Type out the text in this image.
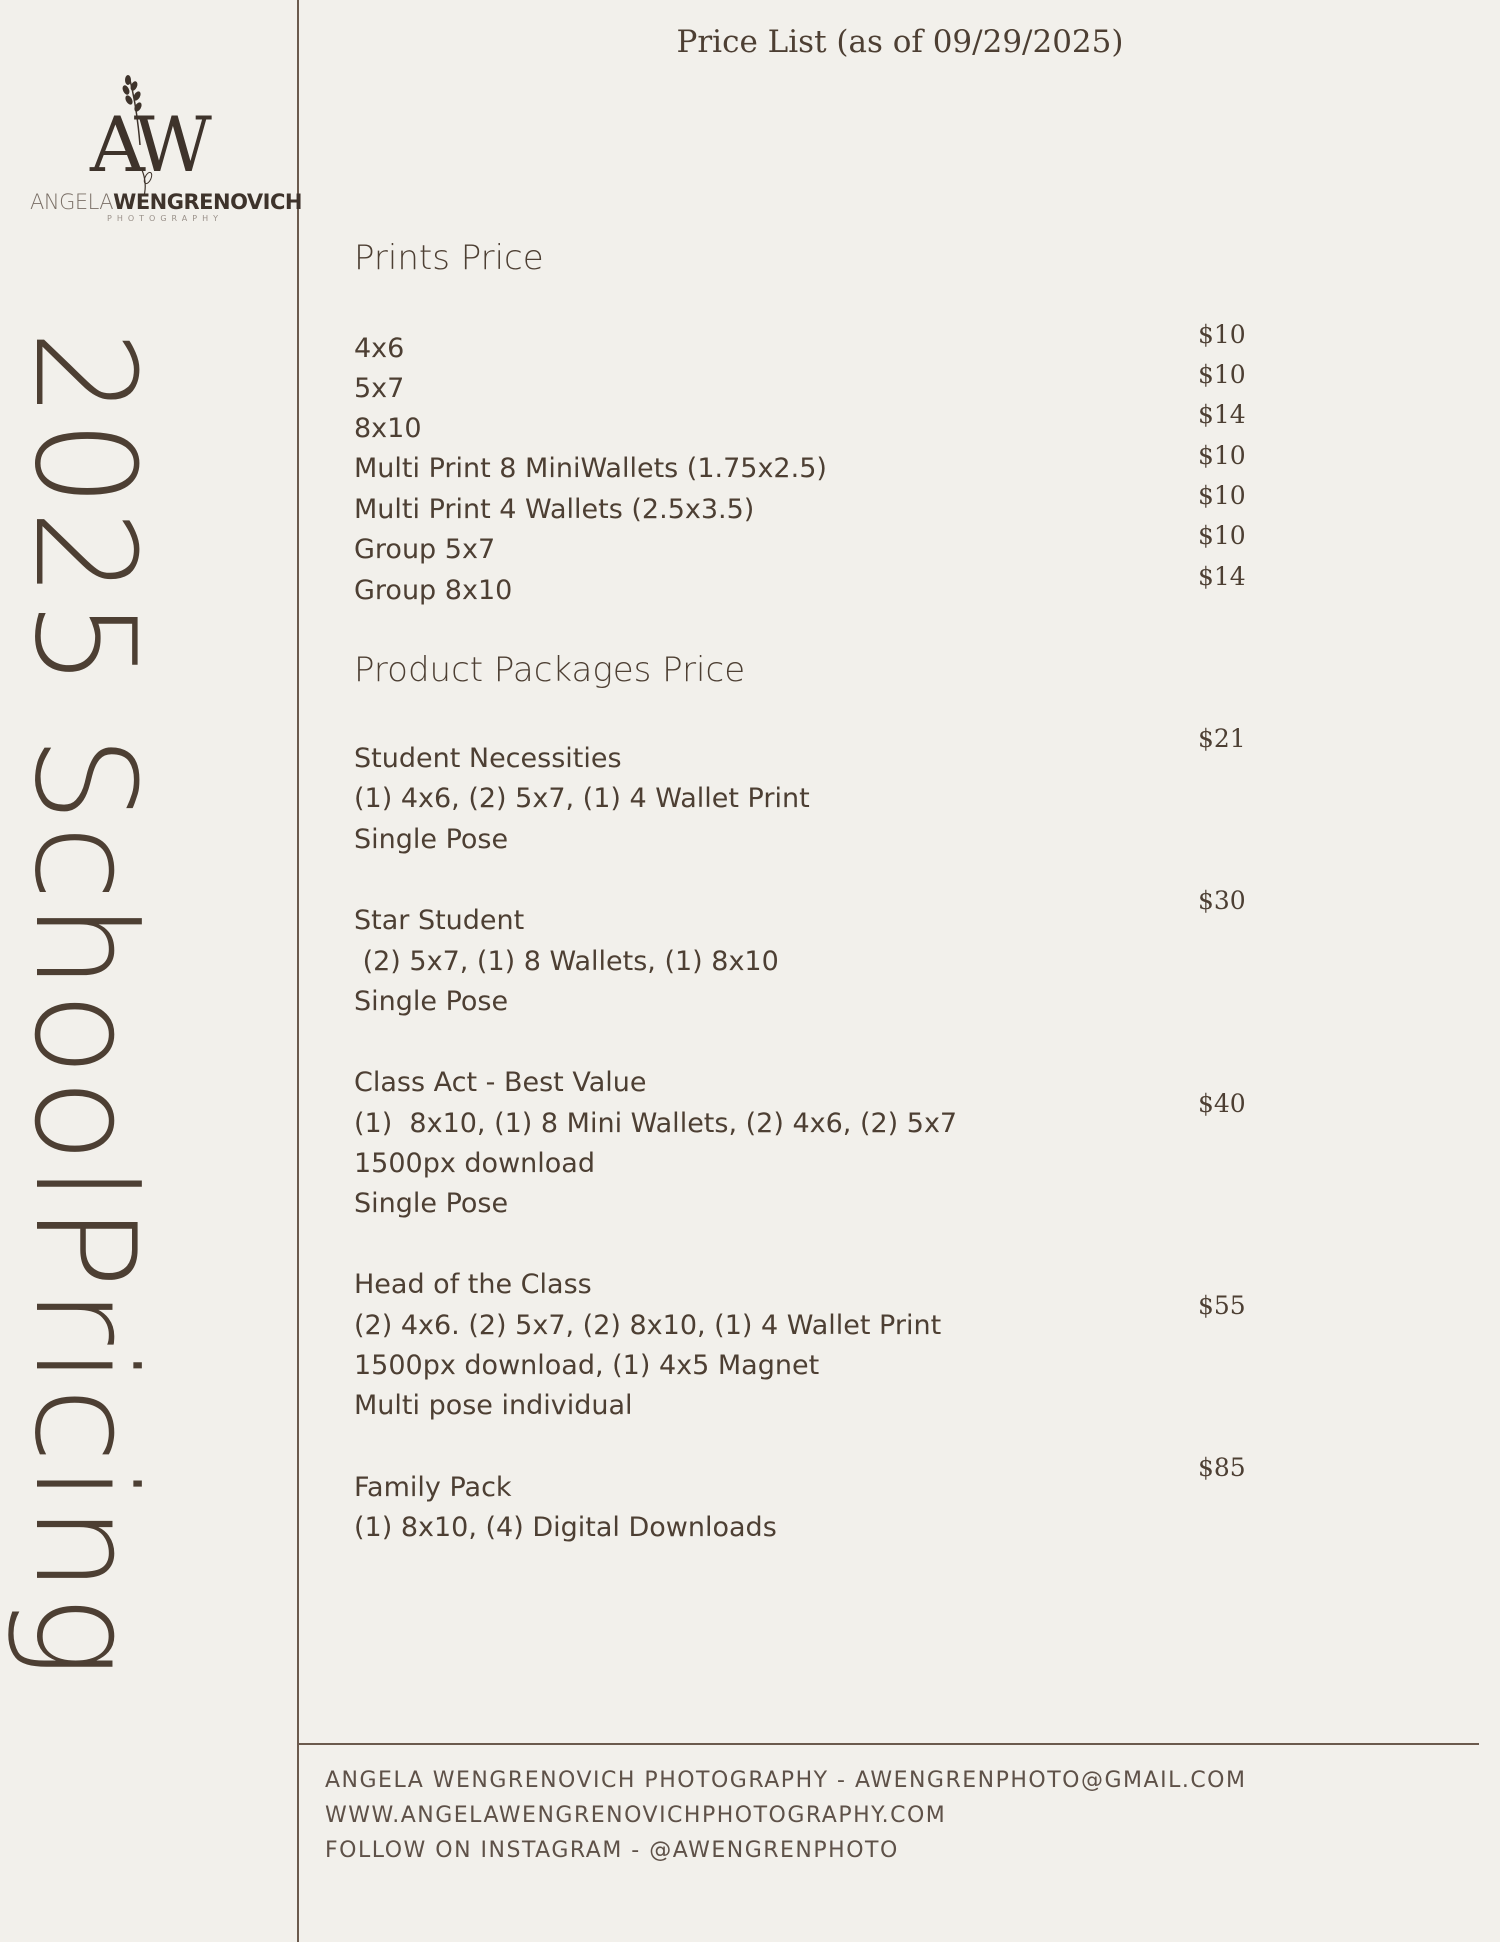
AW
ANGELAWENGRENOVICH
PHOTOGRAPHY
2025 SchoolPricing
Price List (as of 09/29/2025)
Prints Price
4x6
5x7
8x10
Multi Print 8 MiniWallets (1.75x2.5)
Multi Print 4 Wallets (2.5x3.5)
Group 5x7
Group 8x10
$10
$10
$14
$10
$10
$10
$14
Product Packages Price
Student Necessities
(1) 4x6, (2) 5x7, (1) 4 Wallet Print
Single Pose
$21
Star Student
(2) 5x7, (1) 8 Wallets, (1) 8x10
Single Pose
$30
Class Act - Best Value
(1)  8x10, (1) 8 Mini Wallets, (2) 4x6, (2) 5x7
1500px download
Single Pose
$40
Head of the Class
(2) 4x6. (2) 5x7, (2) 8x10, (1) 4 Wallet Print
1500px download, (1) 4x5 Magnet
Multi pose individual
$55
Family Pack
(1) 8x10, (4) Digital Downloads
$85
ANGELA WENGRENOVICH PHOTOGRAPHY - AWENGRENPHOTO@GMAIL.COM
WWW.ANGELAWENGRENOVICHPHOTOGRAPHY.COM
FOLLOW ON INSTAGRAM - @AWENGRENPHOTO
